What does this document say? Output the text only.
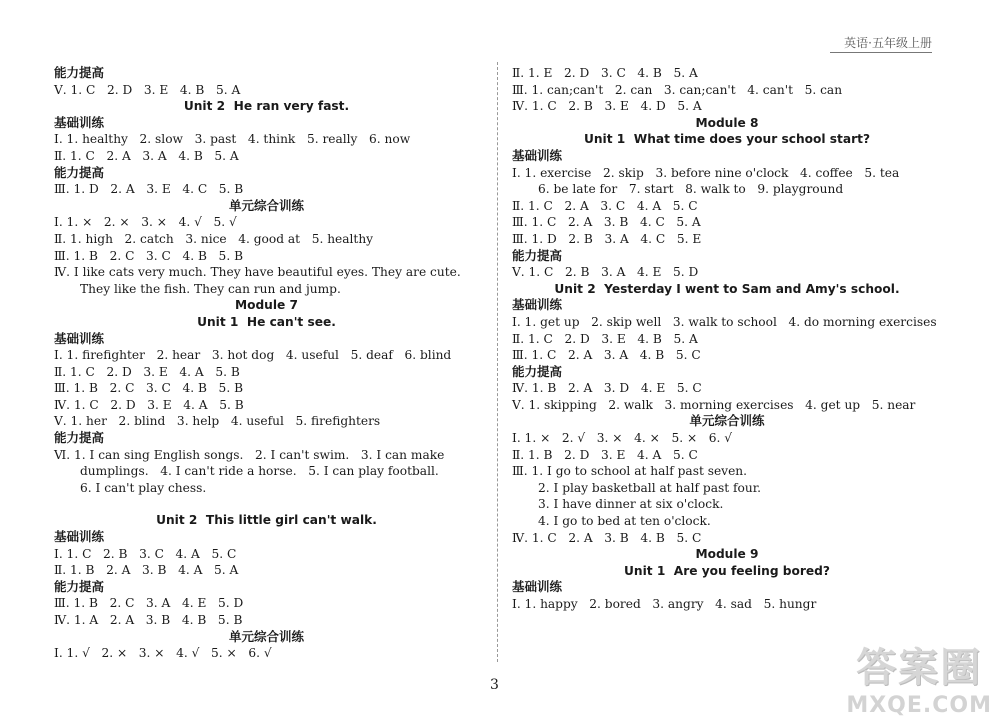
英语·五年级上册
能力提高
Ⅴ. 1. C   2. D   3. E   4. B   5. A
Unit 2  He ran very fast.
基础训练
Ⅰ. 1. healthy   2. slow   3. past   4. think   5. really   6. now
Ⅱ. 1. C   2. A   3. A   4. B   5. A
能力提高
Ⅲ. 1. D   2. A   3. E   4. C   5. B
单元综合训练
Ⅰ. 1. ×   2. ×   3. ×   4. √   5. √
Ⅱ. 1. high   2. catch   3. nice   4. good at   5. healthy
Ⅲ. 1. B   2. C   3. C   4. B   5. B
Ⅳ. I like cats very much. They have beautiful eyes. They are cute.
They like the fish. They can run and jump.
Module 7
Unit 1  He can't see.
基础训练
Ⅰ. 1. firefighter   2. hear   3. hot dog   4. useful   5. deaf   6. blind
Ⅱ. 1. C   2. D   3. E   4. A   5. B
Ⅲ. 1. B   2. C   3. C   4. B   5. B
Ⅳ. 1. C   2. D   3. E   4. A   5. B
Ⅴ. 1. her   2. blind   3. help   4. useful   5. firefighters
能力提高
Ⅵ. 1. I can sing English songs.   2. I can't swim.   3. I can make
dumplings.   4. I can't ride a horse.   5. I can play football.
6. I can't play chess.
Unit 2  This little girl can't walk.
基础训练
Ⅰ. 1. C   2. B   3. C   4. A   5. C
Ⅱ. 1. B   2. A   3. B   4. A   5. A
能力提高
Ⅲ. 1. B   2. C   3. A   4. E   5. D
Ⅳ. 1. A   2. A   3. B   4. B   5. B
单元综合训练
Ⅰ. 1. √   2. ×   3. ×   4. √   5. ×   6. √
Ⅱ. 1. E   2. D   3. C   4. B   5. A
Ⅲ. 1. can;can't   2. can   3. can;can't   4. can't   5. can
Ⅳ. 1. C   2. B   3. E   4. D   5. A
Module 8
Unit 1  What time does your school start?
基础训练
Ⅰ. 1. exercise   2. skip   3. before nine o'clock   4. coffee   5. tea
6. be late for   7. start   8. walk to   9. playground
Ⅱ. 1. C   2. A   3. C   4. A   5. C
Ⅲ. 1. C   2. A   3. B   4. C   5. A
Ⅲ. 1. D   2. B   3. A   4. C   5. E
能力提高
Ⅴ. 1. C   2. B   3. A   4. E   5. D
Unit 2  Yesterday I went to Sam and Amy's school.
基础训练
Ⅰ. 1. get up   2. skip well   3. walk to school   4. do morning exercises
Ⅱ. 1. C   2. D   3. E   4. B   5. A
Ⅲ. 1. C   2. A   3. A   4. B   5. C
能力提高
Ⅳ. 1. B   2. A   3. D   4. E   5. C
Ⅴ. 1. skipping   2. walk   3. morning exercises   4. get up   5. near
单元综合训练
Ⅰ. 1. ×   2. √   3. ×   4. ×   5. ×   6. √
Ⅱ. 1. B   2. D   3. E   4. A   5. C
Ⅲ. 1. I go to school at half past seven.
2. I play basketball at half past four.
3. I have dinner at six o'clock.
4. I go to bed at ten o'clock.
Ⅳ. 1. C   2. A   3. B   4. B   5. C
Module 9
Unit 1  Are you feeling bored?
基础训练
Ⅰ. 1. happy   2. bored   3. angry   4. sad   5. hungr
3	答案圈
MXQE.COM
